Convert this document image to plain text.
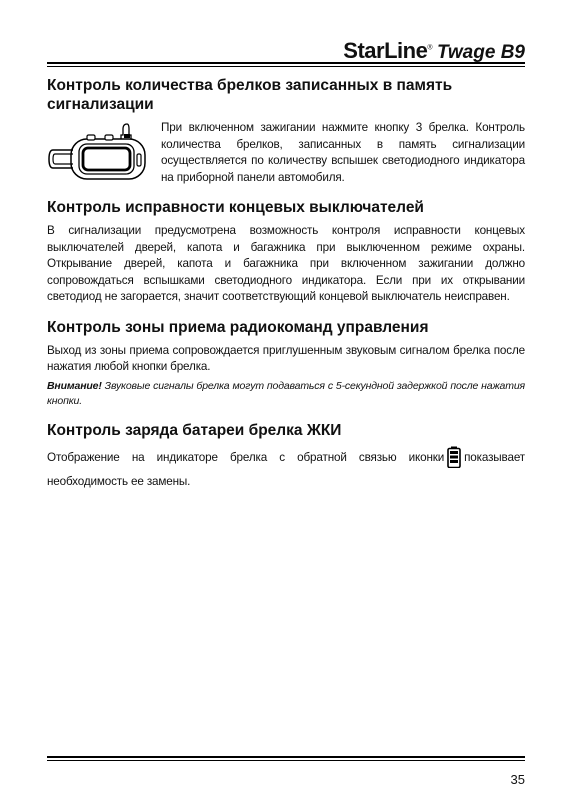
StarLine® Twage B9
Контроль количества брелков записанных в память сигнализации

При включенном зажигании нажмите кнопку 3 брелка. Контроль количества брелков, записанных в память сигнализации осуществляется по количеству вспышек светодиодного индикатора на приборной панели автомобиля.

Контроль исправности концевых выключателей

В сигнализации предусмотрена возможность контроля исправности концевых выключателей дверей, капота и багажника при выключенном режиме охраны. Открывание дверей, капота и багажника при включенном зажигании должно сопровождаться вспышками светодиодного индикатора. Если при их открывании светодиод не загорается, значит соответствующий концевой выключатель неисправен.

Контроль зоны приема радиокоманд управления

Выход из зоны приема сопровождается приглушенным звуковым сигналом брелка после нажатия любой кнопки брелка.

Внимание! Звуковые сигналы брелка могут подаваться с 5-секундной задержкой после нажатия кнопки.

Контроль заряда батареи брелка ЖКИ

Отображение на индикаторе брелка с обратной связью иконки показывает необходимость ее замены.

35
